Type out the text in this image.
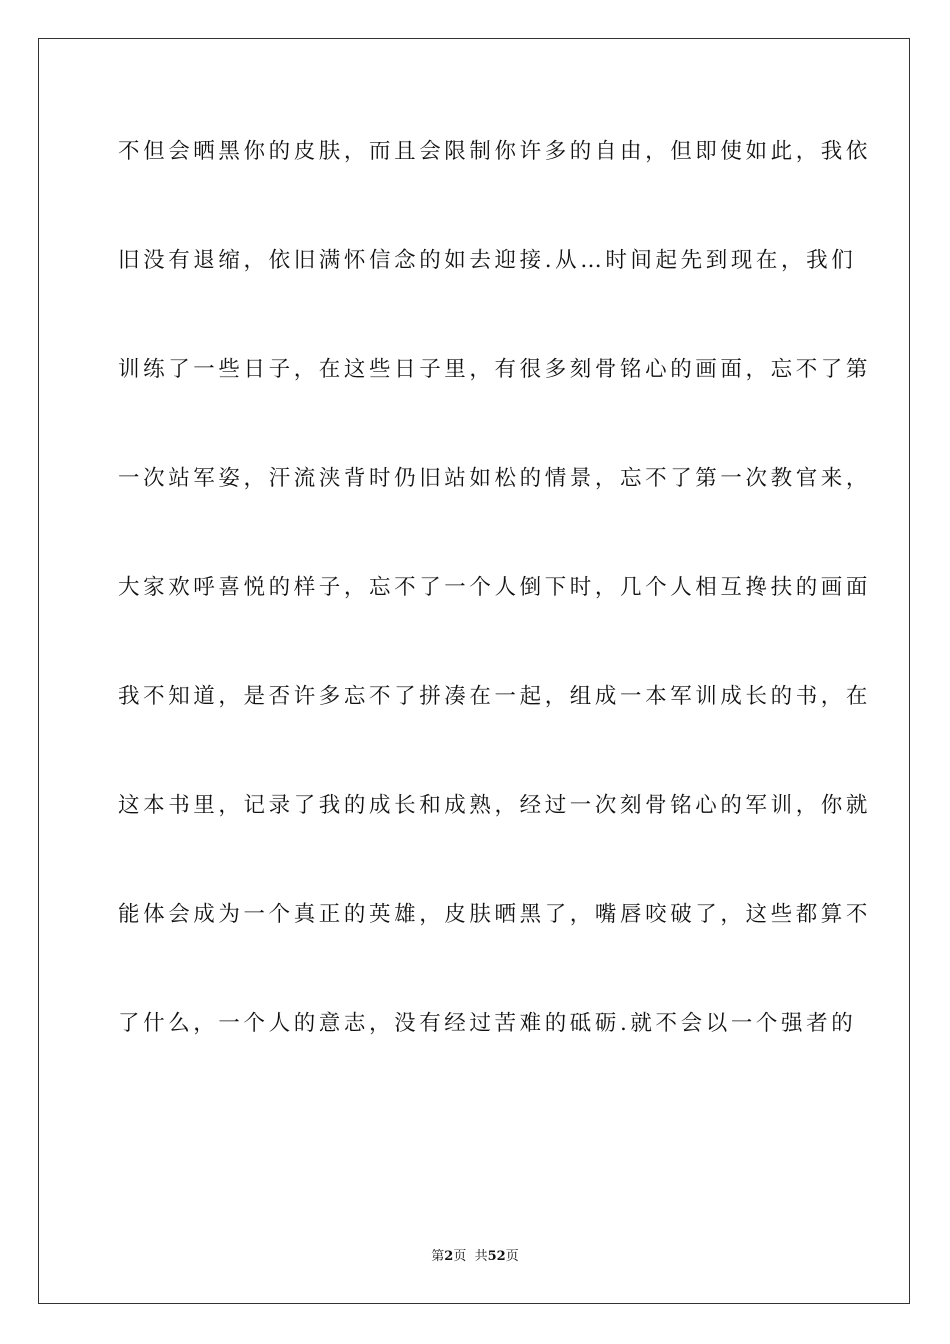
不但会晒黑你的皮肤，而且会限制你许多的自由，但即使如此，我依
旧没有退缩，依旧满怀信念的如去迎接.从…时间起先到现在，我们
训练了一些日子，在这些日子里，有很多刻骨铭心的画面，忘不了第
一次站军姿，汗流浃背时仍旧站如松的情景，忘不了第一次教官来，
大家欢呼喜悦的样子，忘不了一个人倒下时，几个人相互搀扶的画面
我不知道，是否许多忘不了拼凑在一起，组成一本军训成长的书，在
这本书里，记录了我的成长和成熟，经过一次刻骨铭心的军训，你就
能体会成为一个真正的英雄，皮肤晒黑了，嘴唇咬破了，这些都算不
了什么，一个人的意志，没有经过苦难的砥砺.就不会以一个强者的
第2页 共52页
